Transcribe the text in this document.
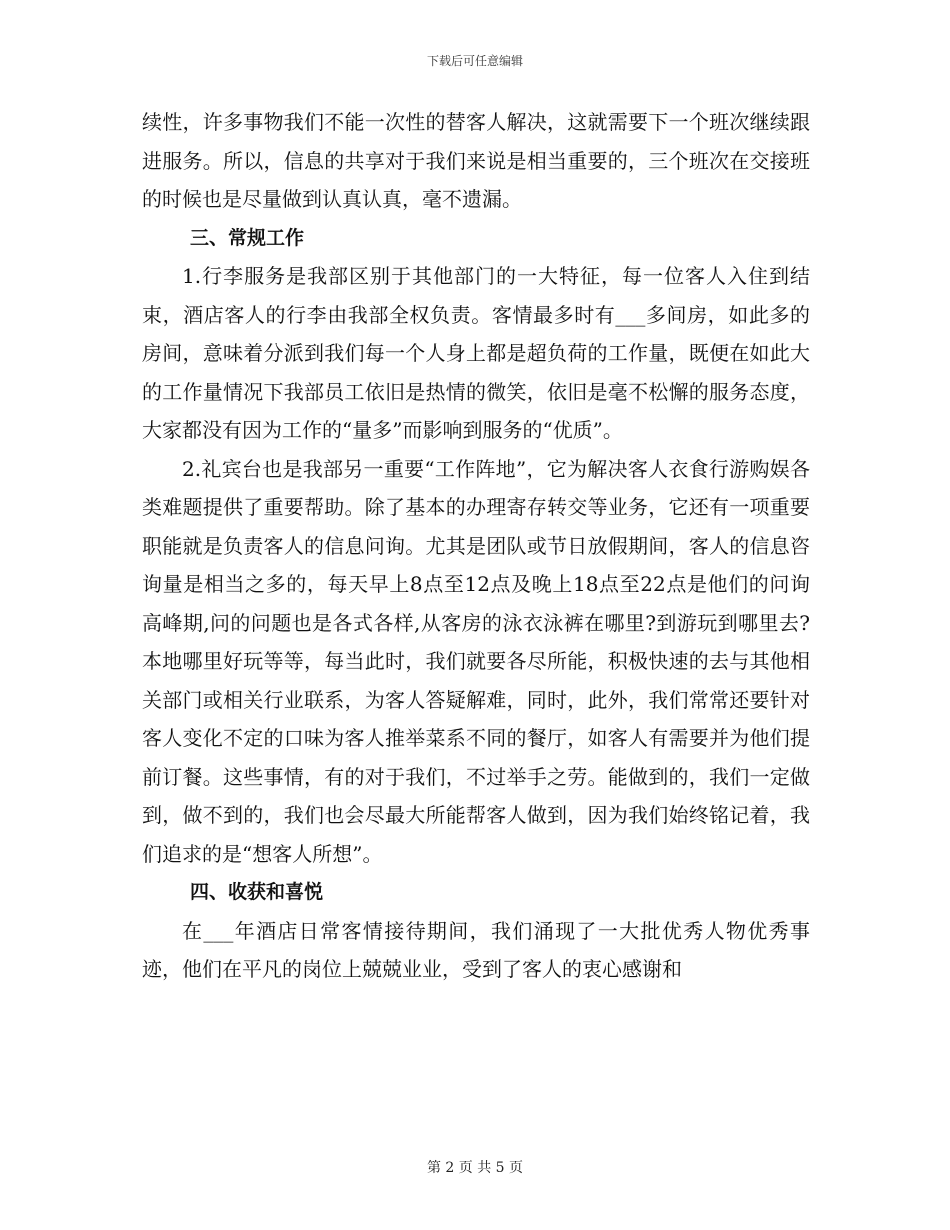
下载后可任意编辑

续性，许多事物我们不能一次性的替客人解决，这就需要下一个班次继续跟进服务。所以，信息的共享对于我们来说是相当重要的，三个班次在交接班的时候也是尽量做到认真认真，毫不遗漏。

三、常规工作

1.行李服务是我部区别于其他部门的一大特征，每一位客人入住到结束，酒店客人的行李由我部全权负责。客情最多时有___多间房，如此多的房间，意味着分派到我们每一个人身上都是超负荷的工作量，既便在如此大的工作量情况下我部员工依旧是热情的微笑，依旧是毫不松懈的服务态度，大家都没有因为工作的“量多”而影响到服务的“优质”。

2.礼宾台也是我部另一重要“工作阵地”，它为解决客人衣食行游购娱各类难题提供了重要帮助。除了基本的办理寄存转交等业务，它还有一项重要职能就是负责客人的信息问询。尤其是团队或节日放假期间，客人的信息咨询量是相当之多的，每天早上8点至12点及晚上18点至22点是他们的问询高峰期,问的问题也是各式各样,从客房的泳衣泳裤在哪里?到游玩到哪里去?本地哪里好玩等等，每当此时，我们就要各尽所能，积极快速的去与其他相关部门或相关行业联系，为客人答疑解难，同时，此外，我们常常还要针对客人变化不定的口味为客人推举菜系不同的餐厅，如客人有需要并为他们提前订餐。这些事情，有的对于我们，不过举手之劳。能做到的，我们一定做到，做不到的，我们也会尽最大所能帮客人做到，因为我们始终铭记着，我们追求的是“想客人所想”。

四、收获和喜悦

在___年酒店日常客情接待期间，我们涌现了一大批优秀人物优秀事迹，他们在平凡的岗位上兢兢业业，受到了客人的衷心感谢和

第 2 页 共 5 页
